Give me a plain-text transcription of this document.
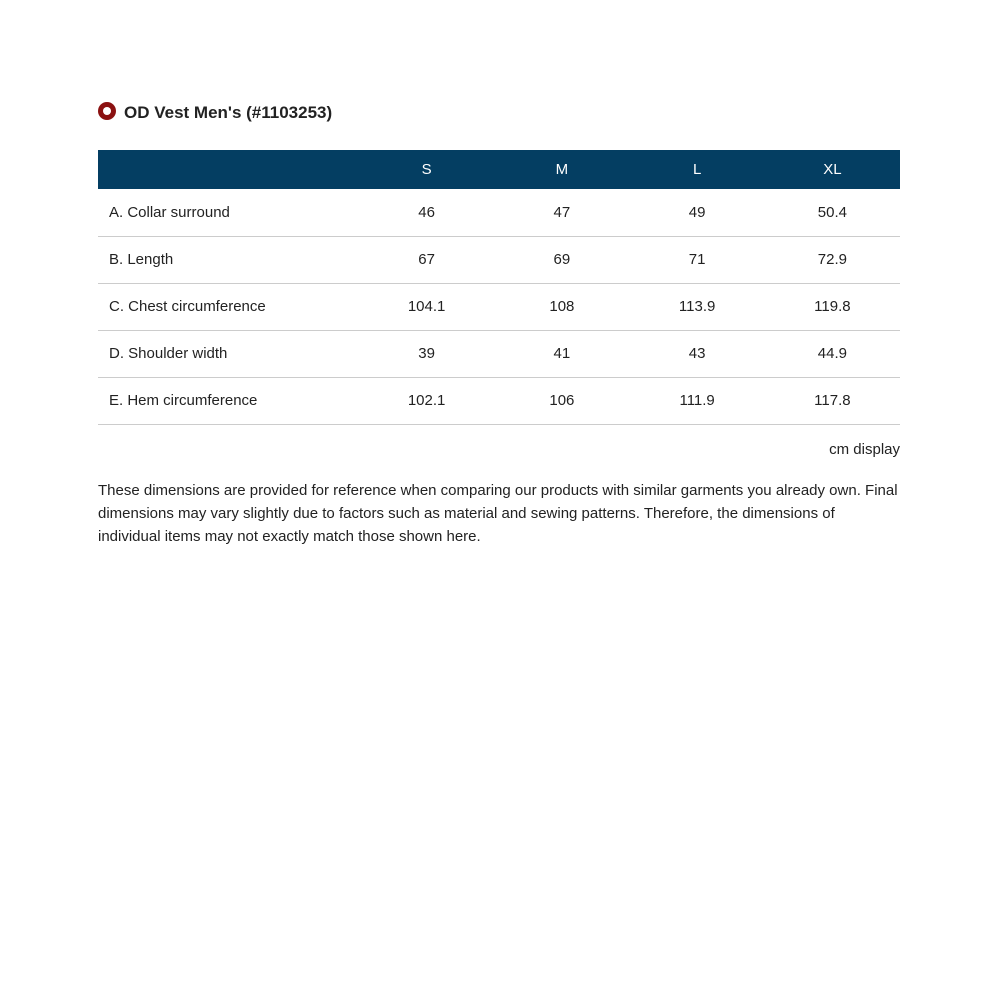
OD Vest Men's (#1103253)
	S	M	L	XL
A. Collar surround	46	47	49	50.4
B. Length	67	69	71	72.9
C. Chest circumference	104.1	108	113.9	119.8
D. Shoulder width	39	41	43	44.9
E. Hem circumference	102.1	106	111.9	117.8
cm display

These dimensions are provided for reference when comparing our products with similar garments you already own. Final dimensions may vary slightly due to factors such as material and sewing patterns. Therefore, the dimensions of individual items may not exactly match those shown here.
